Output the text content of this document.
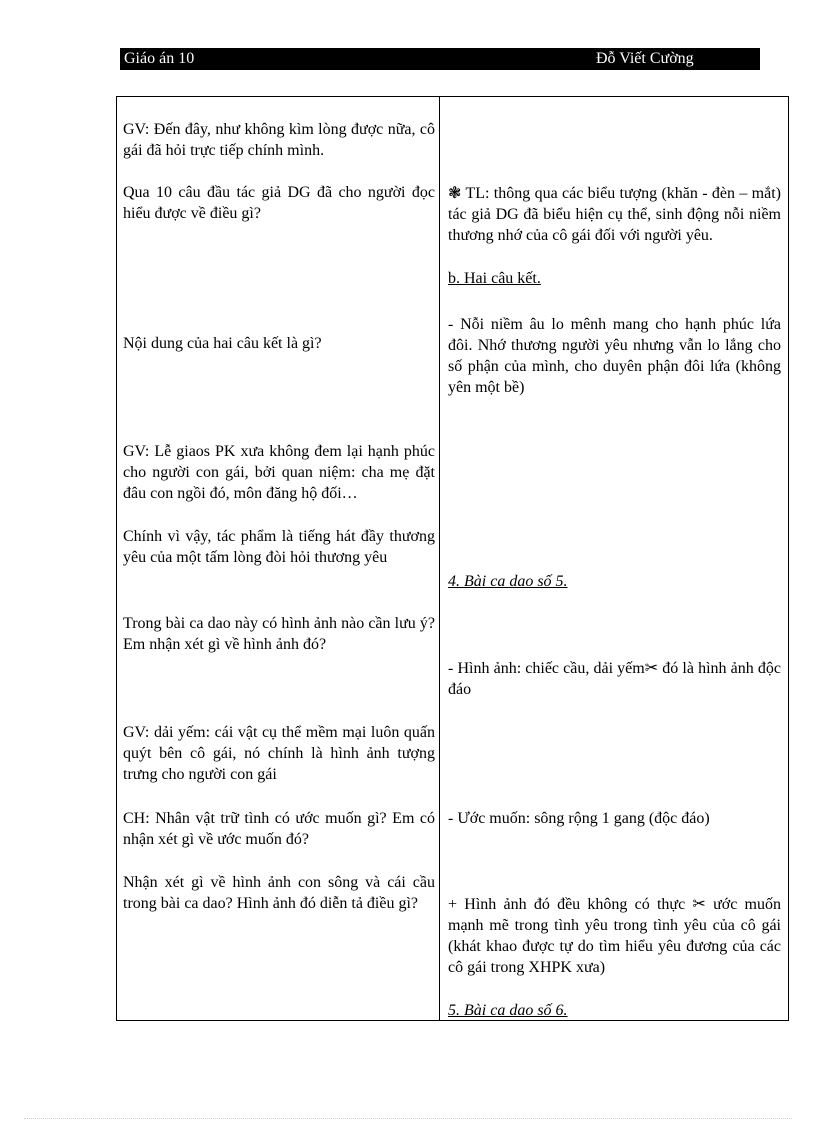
Giáo án 10	Đỗ Viết Cường
GV: Đến đây, như không kìm lòng được nữa, cô gái đã hỏi trực tiếp chính mình.
Qua 10 câu đầu tác giả DG đã cho người đọc hiểu được về điều gì?
Nội dung của hai câu kết là gì?
GV: Lễ giaos PK xưa không đem lại hạnh phúc cho người con gái, bởi quan niệm: cha mẹ đặt đâu con ngồi đó, môn đăng hộ đối…
Chính vì vậy, tác phẩm là tiếng hát đầy thương yêu của một tấm lòng đòi hỏi thương yêu
Trong bài ca dao này có hình ảnh nào cần lưu ý? Em nhận xét gì về hình ảnh đó?
GV: dải yếm: cái vật cụ thể mềm mại luôn quấn quýt bên cô gái, nó chính là hình ảnh tượng trưng cho người con gái
CH: Nhân vật trữ tình có ước muốn gì? Em có nhận xét gì về ước muốn đó?
Nhận xét gì về hình ảnh con sông và cái cầu trong bài ca dao? Hình ảnh đó diễn tả điều gì?
❃ TL: thông qua các biểu tượng (khăn - đèn – mắt) tác giả DG đã biểu hiện cụ thể, sinh động nỗi niềm thương nhớ của cô gái đối với người yêu.
b. Hai câu kết.
- Nỗi niềm âu lo mênh mang cho hạnh phúc lứa đôi. Nhớ thương người yêu nhưng vẫn lo lắng cho số phận của mình, cho duyên phận đôi lứa (không yên một bề)
4. Bài ca dao số 5.
- Hình ảnh: chiếc cầu, dải yếm✂ đó là hình ảnh độc đáo
- Ước muốn: sông rộng 1 gang (độc đáo)
+ Hình ảnh đó đều không có thực ✂ ước muốn mạnh mẽ trong tình yêu trong tình yêu của cô gái (khát khao được tự do tìm hiểu yêu đương của các cô gái trong XHPK xưa)
5. Bài ca dao số 6.
